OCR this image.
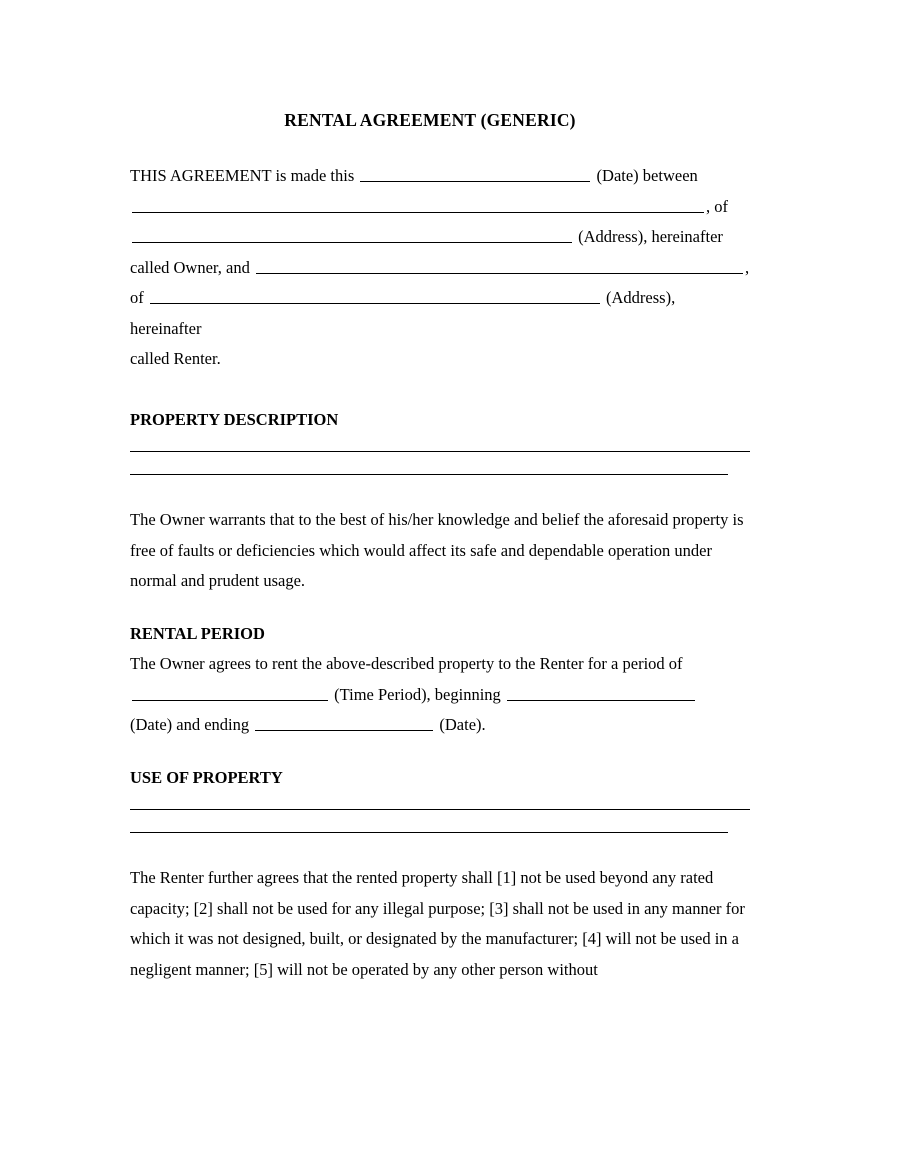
RENTAL AGREEMENT (GENERIC)

THIS AGREEMENT is made this	(Date) between
, of
(Address), hereinafter
called Owner, and	,
of	(Address), hereinafter
called Renter.

PROPERTY DESCRIPTION

The Owner warrants that to the best of his/her knowledge and belief the aforesaid property is free of faults or deficiencies which would affect its safe and dependable operation under normal and prudent usage.

RENTAL PERIOD

The Owner agrees to rent the above-described property to the Renter for a period of
(Time Period), beginning
(Date) and ending	(Date).

USE OF PROPERTY

The Renter further agrees that the rented property shall [1] not be used beyond any rated capacity; [2] shall not be used for any illegal purpose; [3] shall not be used in any manner for which it was not designed, built, or designated by the manufacturer; [4] will not be used in a negligent manner; [5] will not be operated by any other person without
